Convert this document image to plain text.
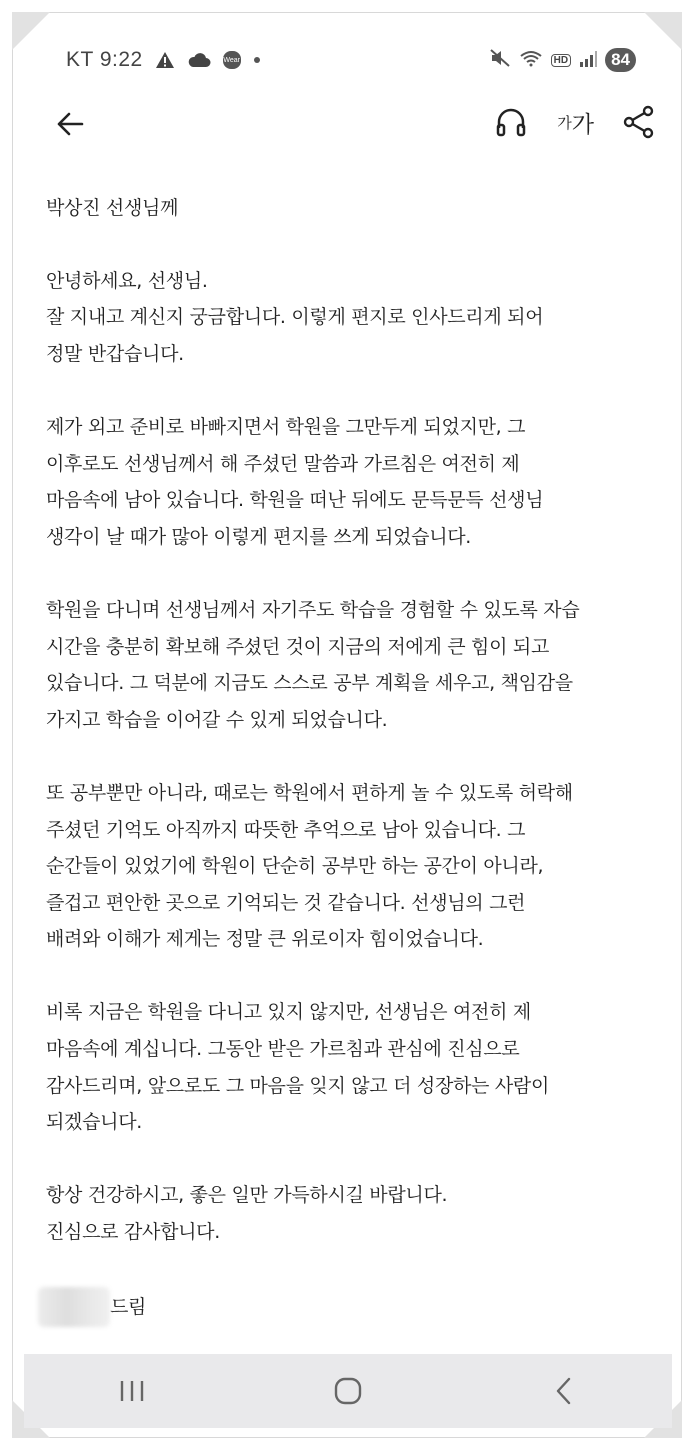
KT 9:22	Wear	HD	84
가 가

박상진 선생님께

안녕하세요, 선생님.
잘 지내고 계신지 궁금합니다. 이렇게 편지로 인사드리게 되어
정말 반갑습니다.

제가 외고 준비로 바빠지면서 학원을 그만두게 되었지만, 그
이후로도 선생님께서 해 주셨던 말씀과 가르침은 여전히 제
마음속에 남아 있습니다. 학원을 떠난 뒤에도 문득문득 선생님
생각이 날 때가 많아 이렇게 편지를 쓰게 되었습니다.

학원을 다니며 선생님께서 자기주도 학습을 경험할 수 있도록 자습
시간을 충분히 확보해 주셨던 것이 지금의 저에게 큰 힘이 되고
있습니다. 그 덕분에 지금도 스스로 공부 계획을 세우고, 책임감을
가지고 학습을 이어갈 수 있게 되었습니다.

또 공부뿐만 아니라, 때로는 학원에서 편하게 놀 수 있도록 허락해
주셨던 기억도 아직까지 따뜻한 추억으로 남아 있습니다. 그
순간들이 있었기에 학원이 단순히 공부만 하는 공간이 아니라,
즐겁고 편안한 곳으로 기억되는 것 같습니다. 선생님의 그런
배려와 이해가 제게는 정말 큰 위로이자 힘이었습니다.

비록 지금은 학원을 다니고 있지 않지만, 선생님은 여전히 제
마음속에 계십니다. 그동안 받은 가르침과 관심에 진심으로
감사드리며, 앞으로도 그 마음을 잊지 않고 더 성장하는 사람이
되겠습니다.

항상 건강하시고, 좋은 일만 가득하시길 바랍니다.
진심으로 감사합니다.

드림
